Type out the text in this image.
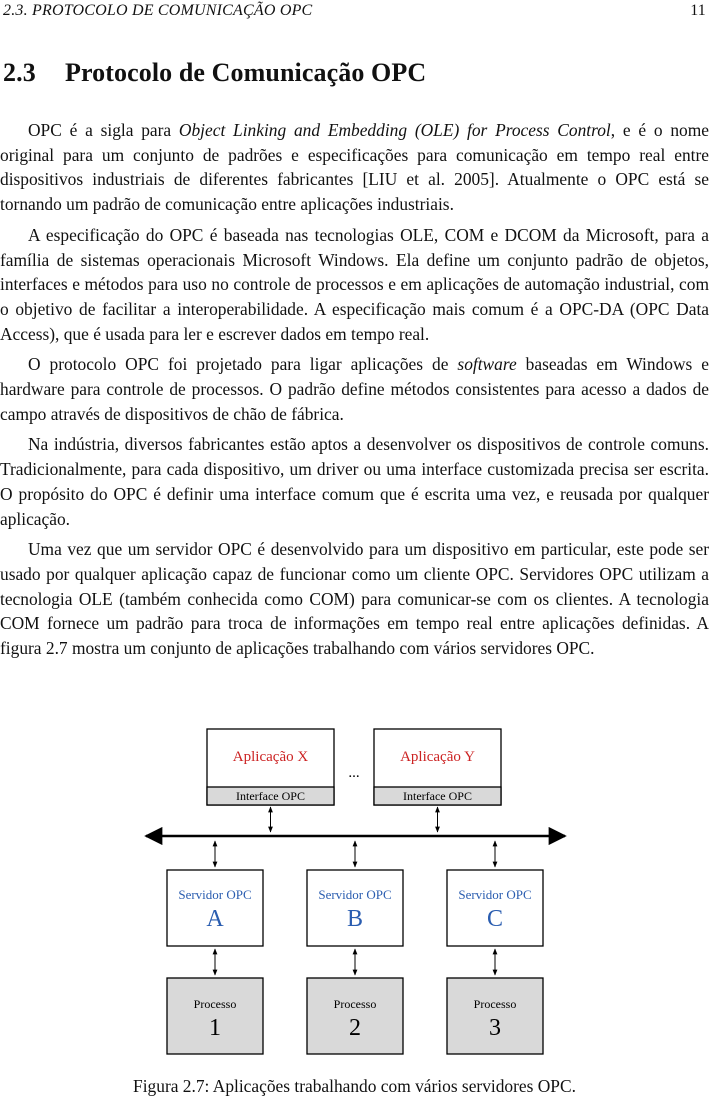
2.3. PROTOCOLO DE COMUNICAÇÃO OPC	11
2.3 Protocolo de Comunicação OPC

OPC é a sigla para Object Linking and Embedding (OLE) for Process Control, e é o nome original para um conjunto de padrões e especificações para comunicação em tempo real entre dispositivos industriais de diferentes fabricantes [LIU et al. 2005]. Atualmente o OPC está se tornando um padrão de comunicação entre aplicações industriais.

A especificação do OPC é baseada nas tecnologias OLE, COM e DCOM da Microsoft, para a família de sistemas operacionais Microsoft Windows. Ela define um conjunto padrão de objetos, interfaces e métodos para uso no controle de processos e em aplicações de automação industrial, com o objetivo de facilitar a interoperabilidade. A especificação mais comum é a OPC-DA (OPC Data Access), que é usada para ler e escrever dados em tempo real.

O protocolo OPC foi projetado para ligar aplicações de software baseadas em Windows e hardware para controle de processos. O padrão define métodos consistentes para acesso a dados de campo através de dispositivos de chão de fábrica.

Na indústria, diversos fabricantes estão aptos a desenvolver os dispositivos de controle comuns. Tradicionalmente, para cada dispositivo, um driver ou uma interface customizada precisa ser escrita. O propósito do OPC é definir uma interface comum que é escrita uma vez, e reusada por qualquer aplicação.

Uma vez que um servidor OPC é desenvolvido para um dispositivo em particular, este pode ser usado por qualquer aplicação capaz de funcionar como um cliente OPC. Servidores OPC utilizam a tecnologia OLE (também conhecida como COM) para comunicar-se com os clientes. A tecnologia COM fornece um padrão para troca de informações em tempo real entre aplicações definidas. A figura 2.7 mostra um conjunto de aplicações trabalhando com vários servidores OPC.

Aplicação X
Interface OPC
...
Aplicação Y
Interface OPC
Servidor OPC
A
Servidor OPC
B
Servidor OPC
C
Processo
1
Processo
2
Processo
3
Figura 2.7: Aplicações trabalhando com vários servidores OPC.
